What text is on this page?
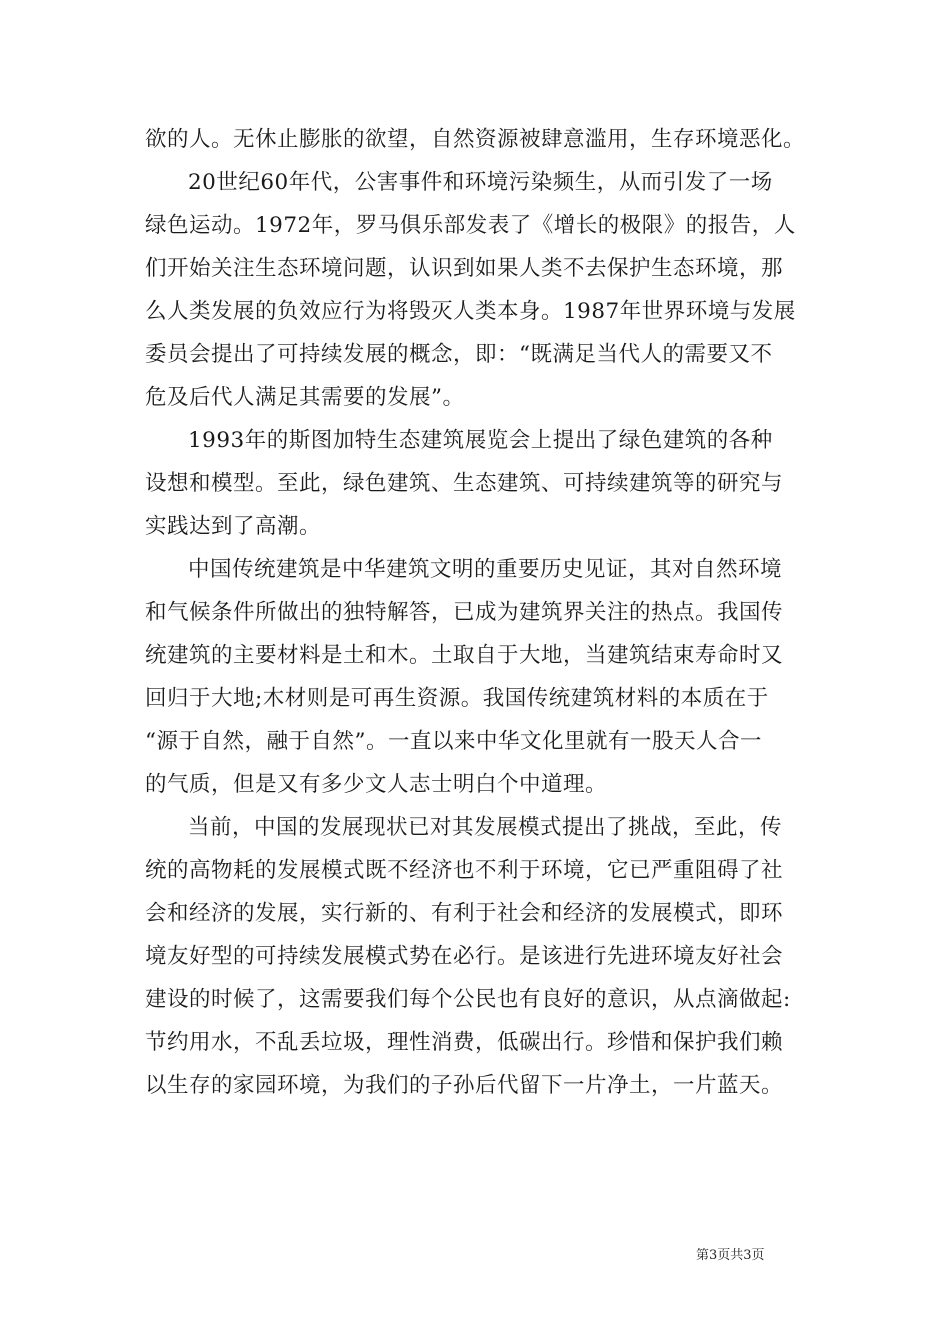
欲的人。无休止膨胀的欲望，自然资源被肆意滥用，生存环境恶化。
20世纪60年代，公害事件和环境污染频生，从而引发了一场
绿色运动。1972年，罗马俱乐部发表了《增长的极限》的报告，人
们开始关注生态环境问题，认识到如果人类不去保护生态环境，那
么人类发展的负效应行为将毁灭人类本身。1987年世界环境与发展
委员会提出了可持续发展的概念，即：“既满足当代人的需要又不
危及后代人满足其需要的发展”。
1993年的斯图加特生态建筑展览会上提出了绿色建筑的各种
设想和模型。至此，绿色建筑、生态建筑、可持续建筑等的研究与
实践达到了高潮。
中国传统建筑是中华建筑文明的重要历史见证，其对自然环境
和气候条件所做出的独特解答，已成为建筑界关注的热点。我国传
统建筑的主要材料是土和木。土取自于大地，当建筑结束寿命时又
回归于大地;木材则是可再生资源。我国传统建筑材料的本质在于
“源于自然，融于自然”。一直以来中华文化里就有一股天人合一
的气质，但是又有多少文人志士明白个中道理。
当前，中国的发展现状已对其发展模式提出了挑战，至此，传
统的高物耗的发展模式既不经济也不利于环境，它已严重阻碍了社
会和经济的发展，实行新的、有利于社会和经济的发展模式，即环
境友好型的可持续发展模式势在必行。是该进行先进环境友好社会
建设的时候了，这需要我们每个公民也有良好的意识，从点滴做起:
节约用水，不乱丢垃圾，理性消费，低碳出行。珍惜和保护我们赖
以生存的家园环境，为我们的子孙后代留下一片净土，一片蓝天。
第3页共3页
